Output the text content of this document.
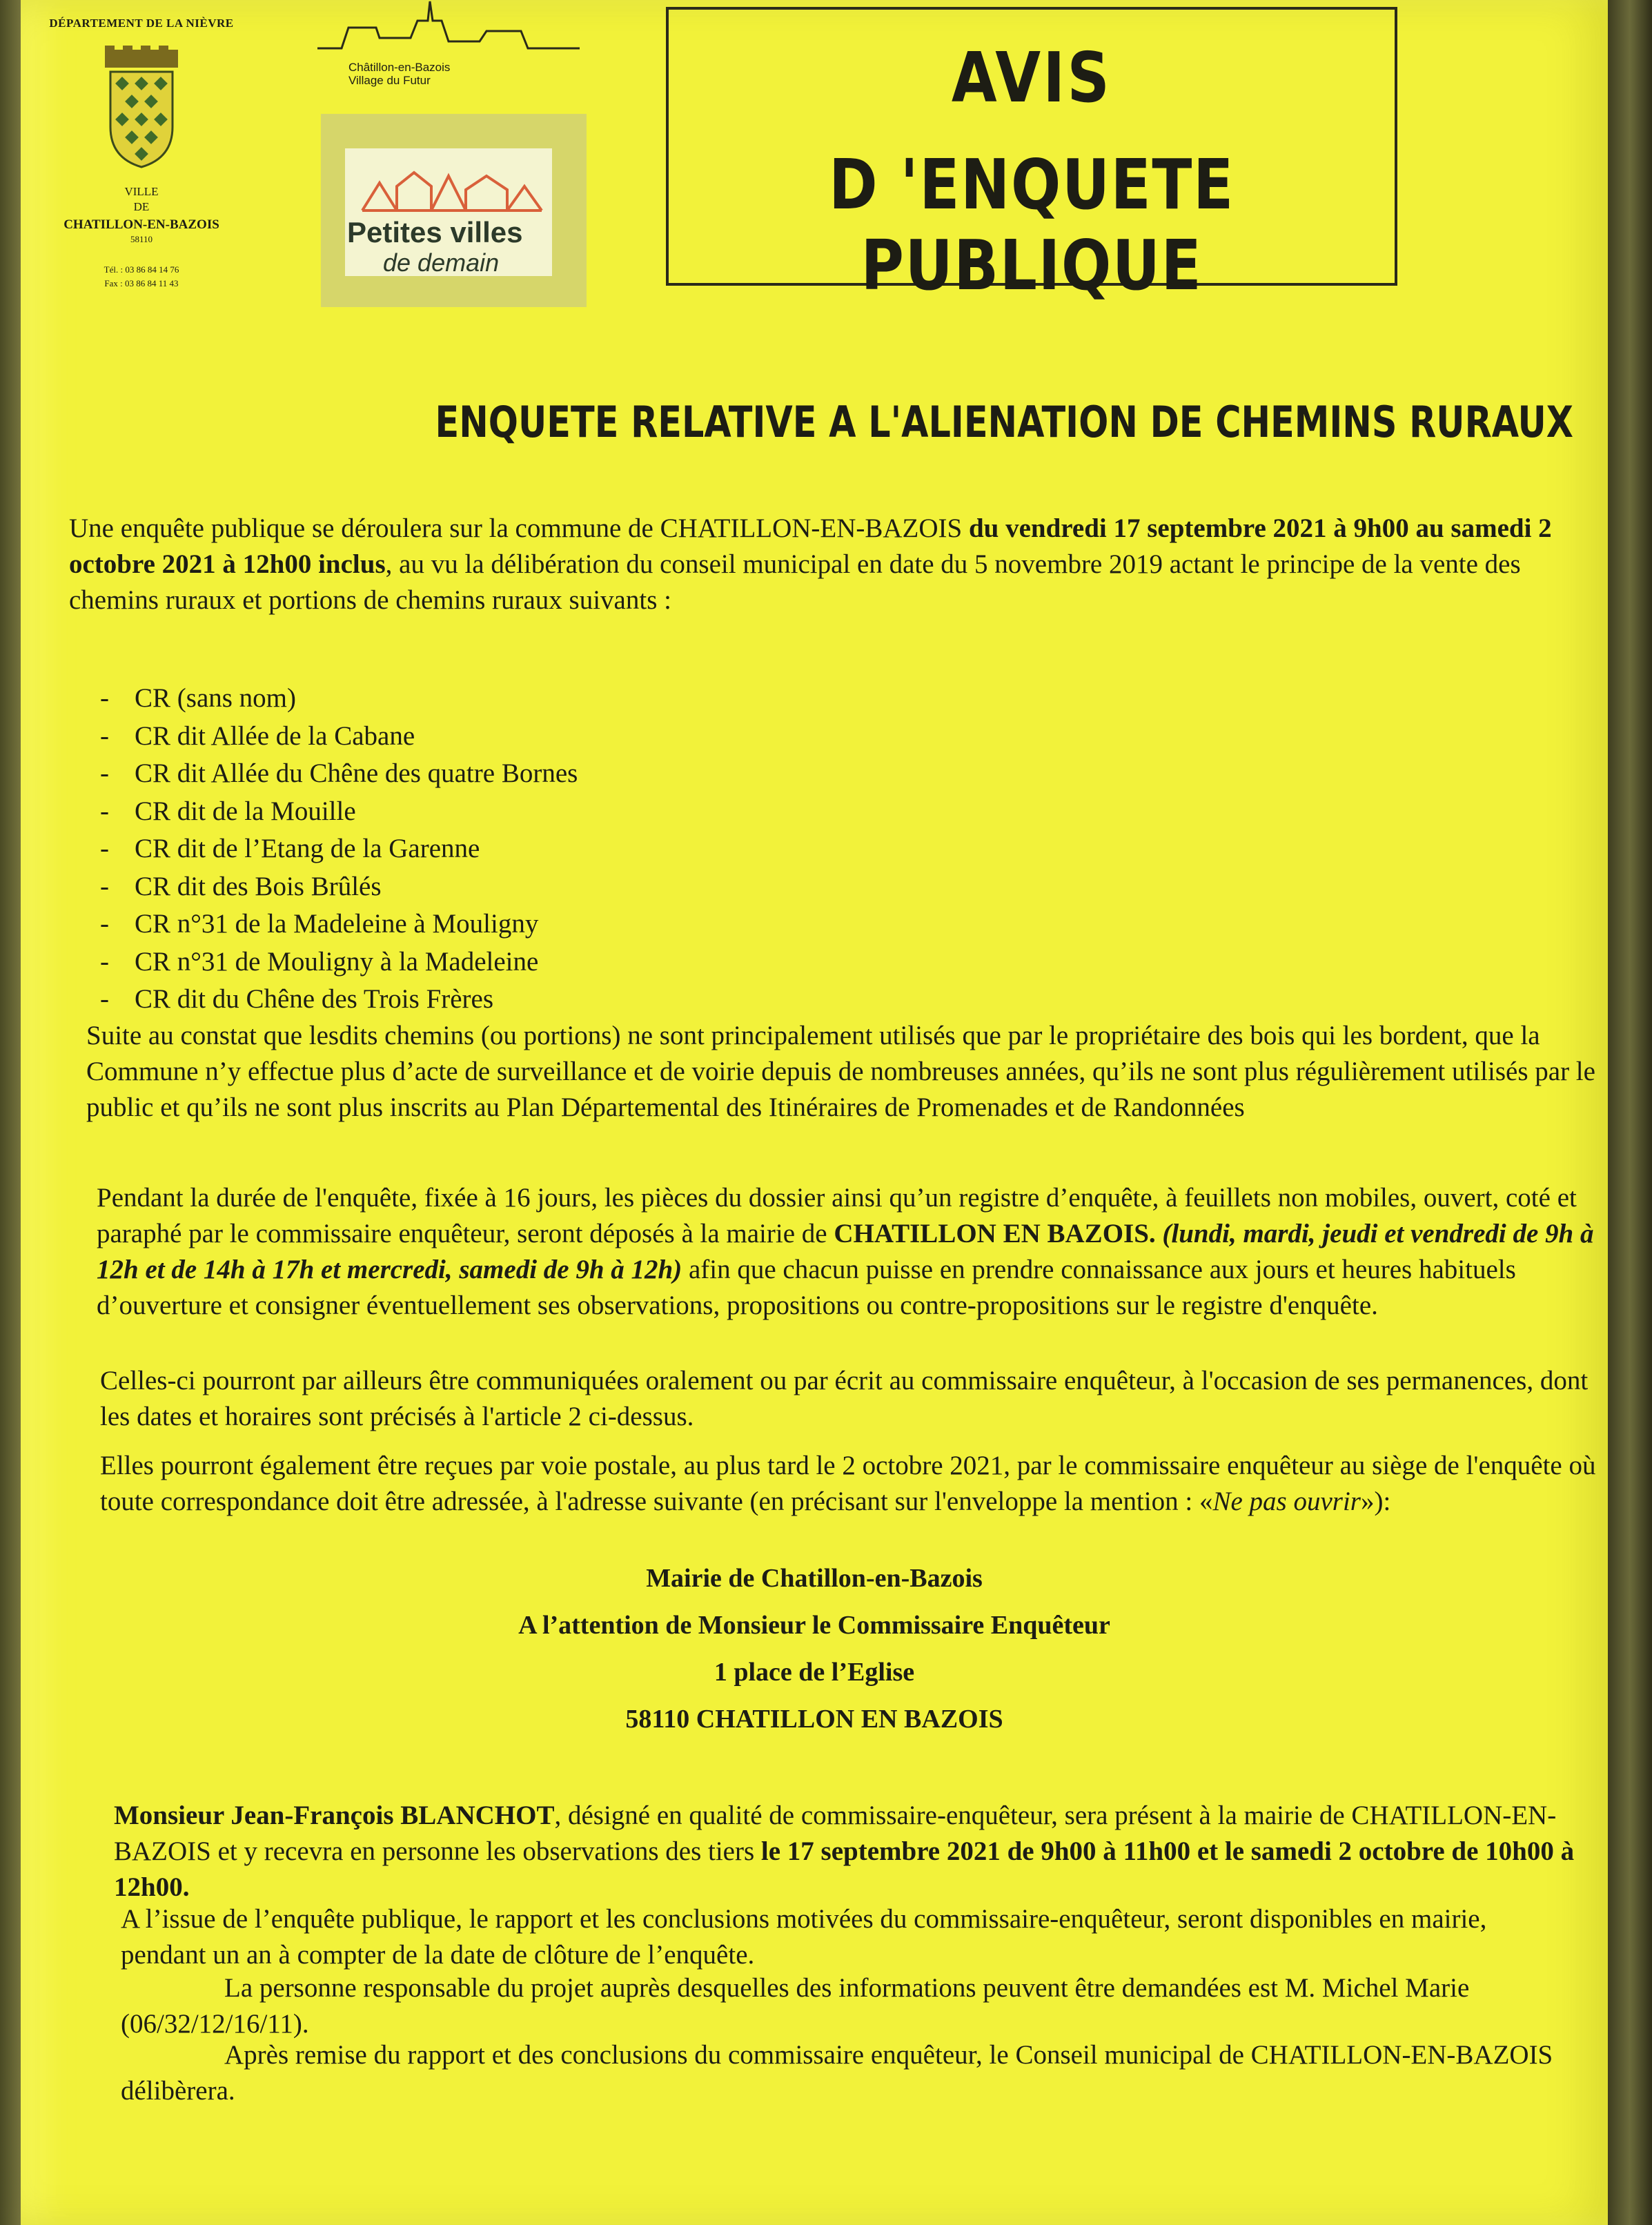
DÉPARTEMENT DE LA NIÈVRE
VILLE
DE
CHATILLON-EN-BAZOIS
58110
Tél. : 03 86 84 14 76
Fax : 03 86 84 11 43
Châtillon-en-Bazois
Village du Futur
Petites villes
de demain
AVIS
D 'ENQUETE PUBLIQUE
ENQUETE RELATIVE A L'ALIENATION DE CHEMINS RURAUX
Une enquête publique se déroulera sur la commune de CHATILLON-EN-BAZOIS du vendredi 17 septembre 2021 à 9h00 au samedi 2 octobre 2021 à 12h00 inclus, au vu la délibération du conseil municipal en date du 5 novembre 2019 actant le principe de la vente des chemins ruraux et portions de chemins ruraux suivants :
- CR (sans nom)
- CR dit Allée de la Cabane
- CR dit Allée du Chêne des quatre Bornes
- CR dit de la Mouille
- CR dit de l’Etang de la Garenne
- CR dit des Bois Brûlés
- CR n°31 de la Madeleine à Mouligny
- CR n°31 de Mouligny à la Madeleine
- CR dit du Chêne des Trois Frères
Suite au constat que lesdits chemins (ou portions) ne sont principalement utilisés que par le propriétaire des bois qui les bordent, que la Commune n’y effectue plus d’acte de surveillance et de voirie depuis de nombreuses années, qu’ils ne sont plus régulièrement utilisés par le public et qu’ils ne sont plus inscrits au Plan Départemental des Itinéraires de Promenades et de Randonnées
Pendant la durée de l'enquête, fixée à 16 jours, les pièces du dossier ainsi qu’un registre d’enquête, à feuillets non mobiles, ouvert, coté et paraphé par le commissaire enquêteur, seront déposés à la mairie de CHATILLON EN BAZOIS. (lundi, mardi, jeudi et vendredi de 9h à 12h et de 14h à 17h et mercredi, samedi de 9h à 12h) afin que chacun puisse en prendre connaissance aux jours et heures habituels d’ouverture et consigner éventuellement ses observations, propositions ou contre-propositions sur le registre d'enquête.
Celles-ci pourront par ailleurs être communiquées oralement ou par écrit au commissaire enquêteur, à l'occasion de ses permanences, dont les dates et horaires sont précisés à l'article 2 ci-dessus.
Elles pourront également être reçues par voie postale, au plus tard le 2 octobre 2021, par le commissaire enquêteur au siège de l'enquête où toute correspondance doit être adressée, à l'adresse suivante (en précisant sur l'enveloppe la mention : «Ne pas ouvrir»):
Mairie de Chatillon-en-Bazois
A l’attention de Monsieur le Commissaire Enquêteur
1 place de l’Eglise
58110 CHATILLON EN BAZOIS
Monsieur Jean-François BLANCHOT, désigné en qualité de commissaire-enquêteur, sera présent à la mairie de CHATILLON-EN-BAZOIS et y recevra en personne les observations des tiers le 17 septembre 2021 de 9h00 à 11h00 et le samedi 2 octobre de 10h00 à 12h00.
A l’issue de l’enquête publique, le rapport et les conclusions motivées du commissaire-enquêteur, seront disponibles en mairie, pendant un an à compter de la date de clôture de l’enquête.
La personne responsable du projet auprès desquelles des informations peuvent être demandées est M. Michel Marie (06/32/12/16/11).
Après remise du rapport et des conclusions du commissaire enquêteur, le Conseil municipal de CHATILLON-EN-BAZOIS délibèrera.
